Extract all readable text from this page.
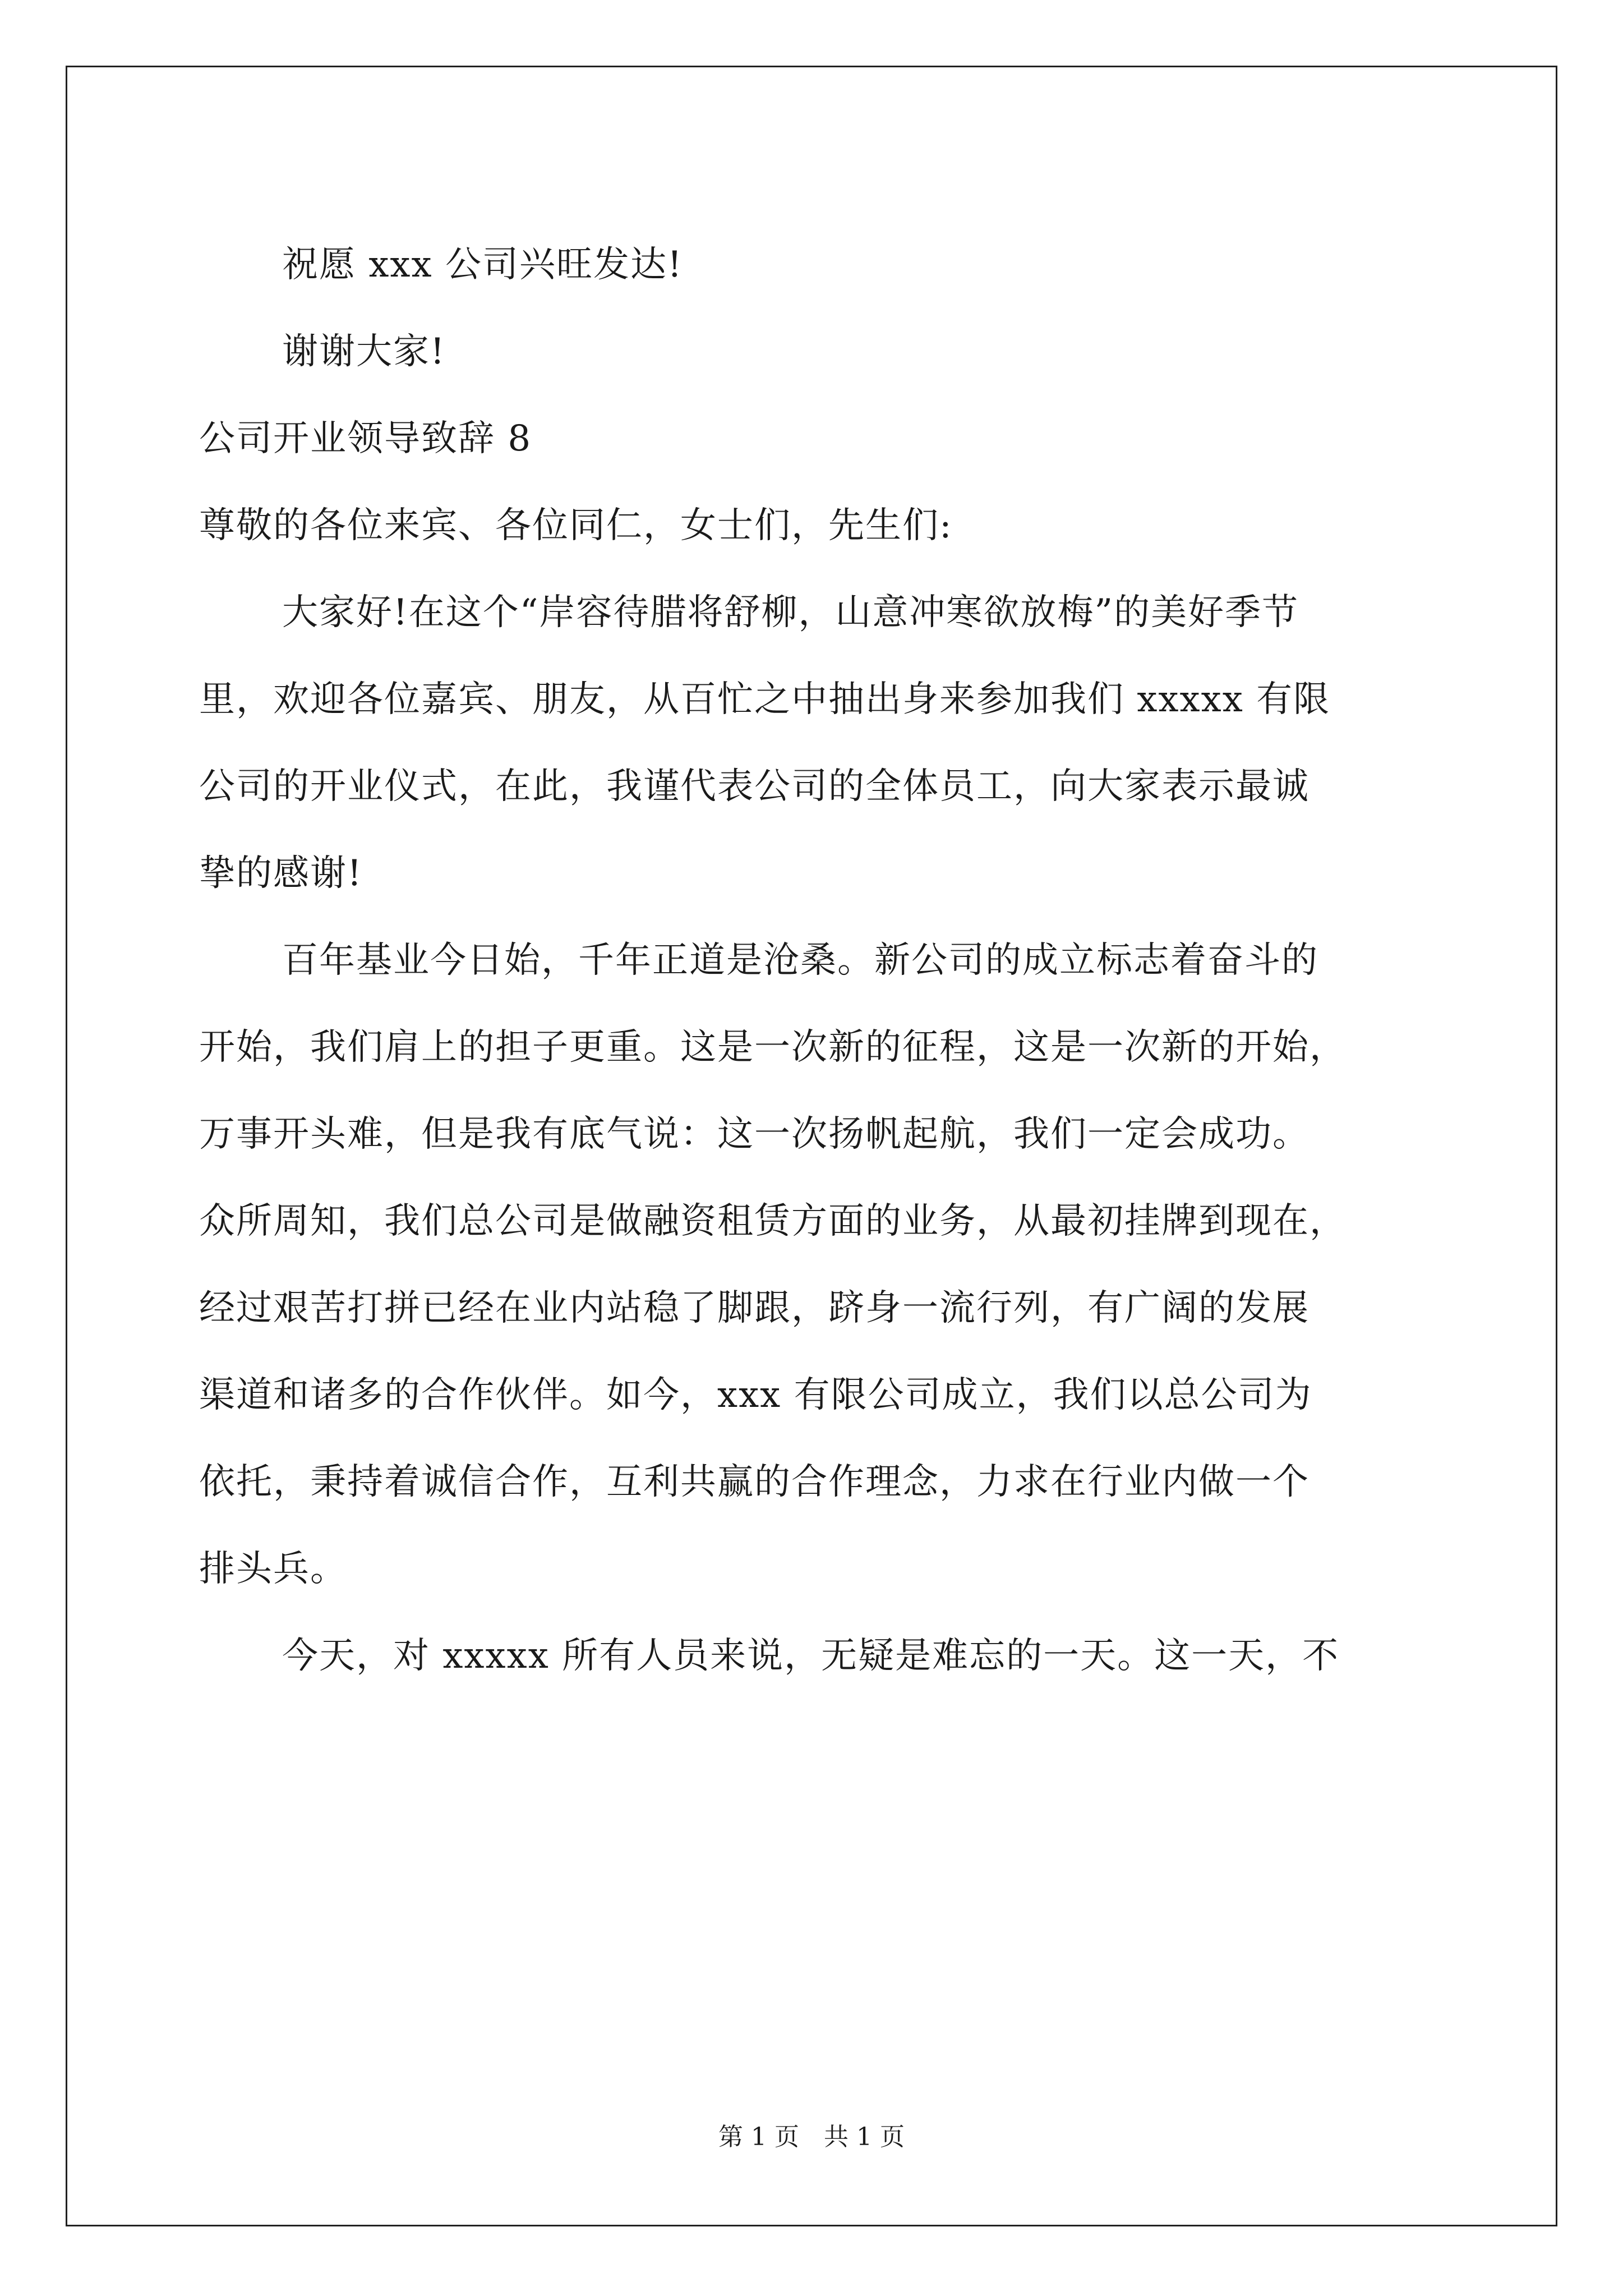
祝愿 xxx 公司兴旺发达!
谢谢大家!
公司开业领导致辞 8
尊敬的各位来宾、各位同仁，女士们，先生们:
大家好!在这个“岸容待腊将舒柳，山意冲寒欲放梅”的美好季节
里，欢迎各位嘉宾、朋友，从百忙之中抽出身来参加我们 xxxxx 有限
公司的开业仪式，在此，我谨代表公司的全体员工，向大家表示最诚
挚的感谢!
百年基业今日始，千年正道是沧桑。新公司的成立标志着奋斗的
开始，我们肩上的担子更重。这是一次新的征程，这是一次新的开始，
万事开头难，但是我有底气说：这一次扬帆起航，我们一定会成功。
众所周知，我们总公司是做融资租赁方面的业务，从最初挂牌到现在，
经过艰苦打拼已经在业内站稳了脚跟，跻身一流行列，有广阔的发展
渠道和诸多的合作伙伴。如今，xxx 有限公司成立，我们以总公司为
依托，秉持着诚信合作，互利共赢的合作理念，力求在行业内做一个
排头兵。
今天，对 xxxxx 所有人员来说，无疑是难忘的一天。这一天，不
第 1 页　共 1 页
